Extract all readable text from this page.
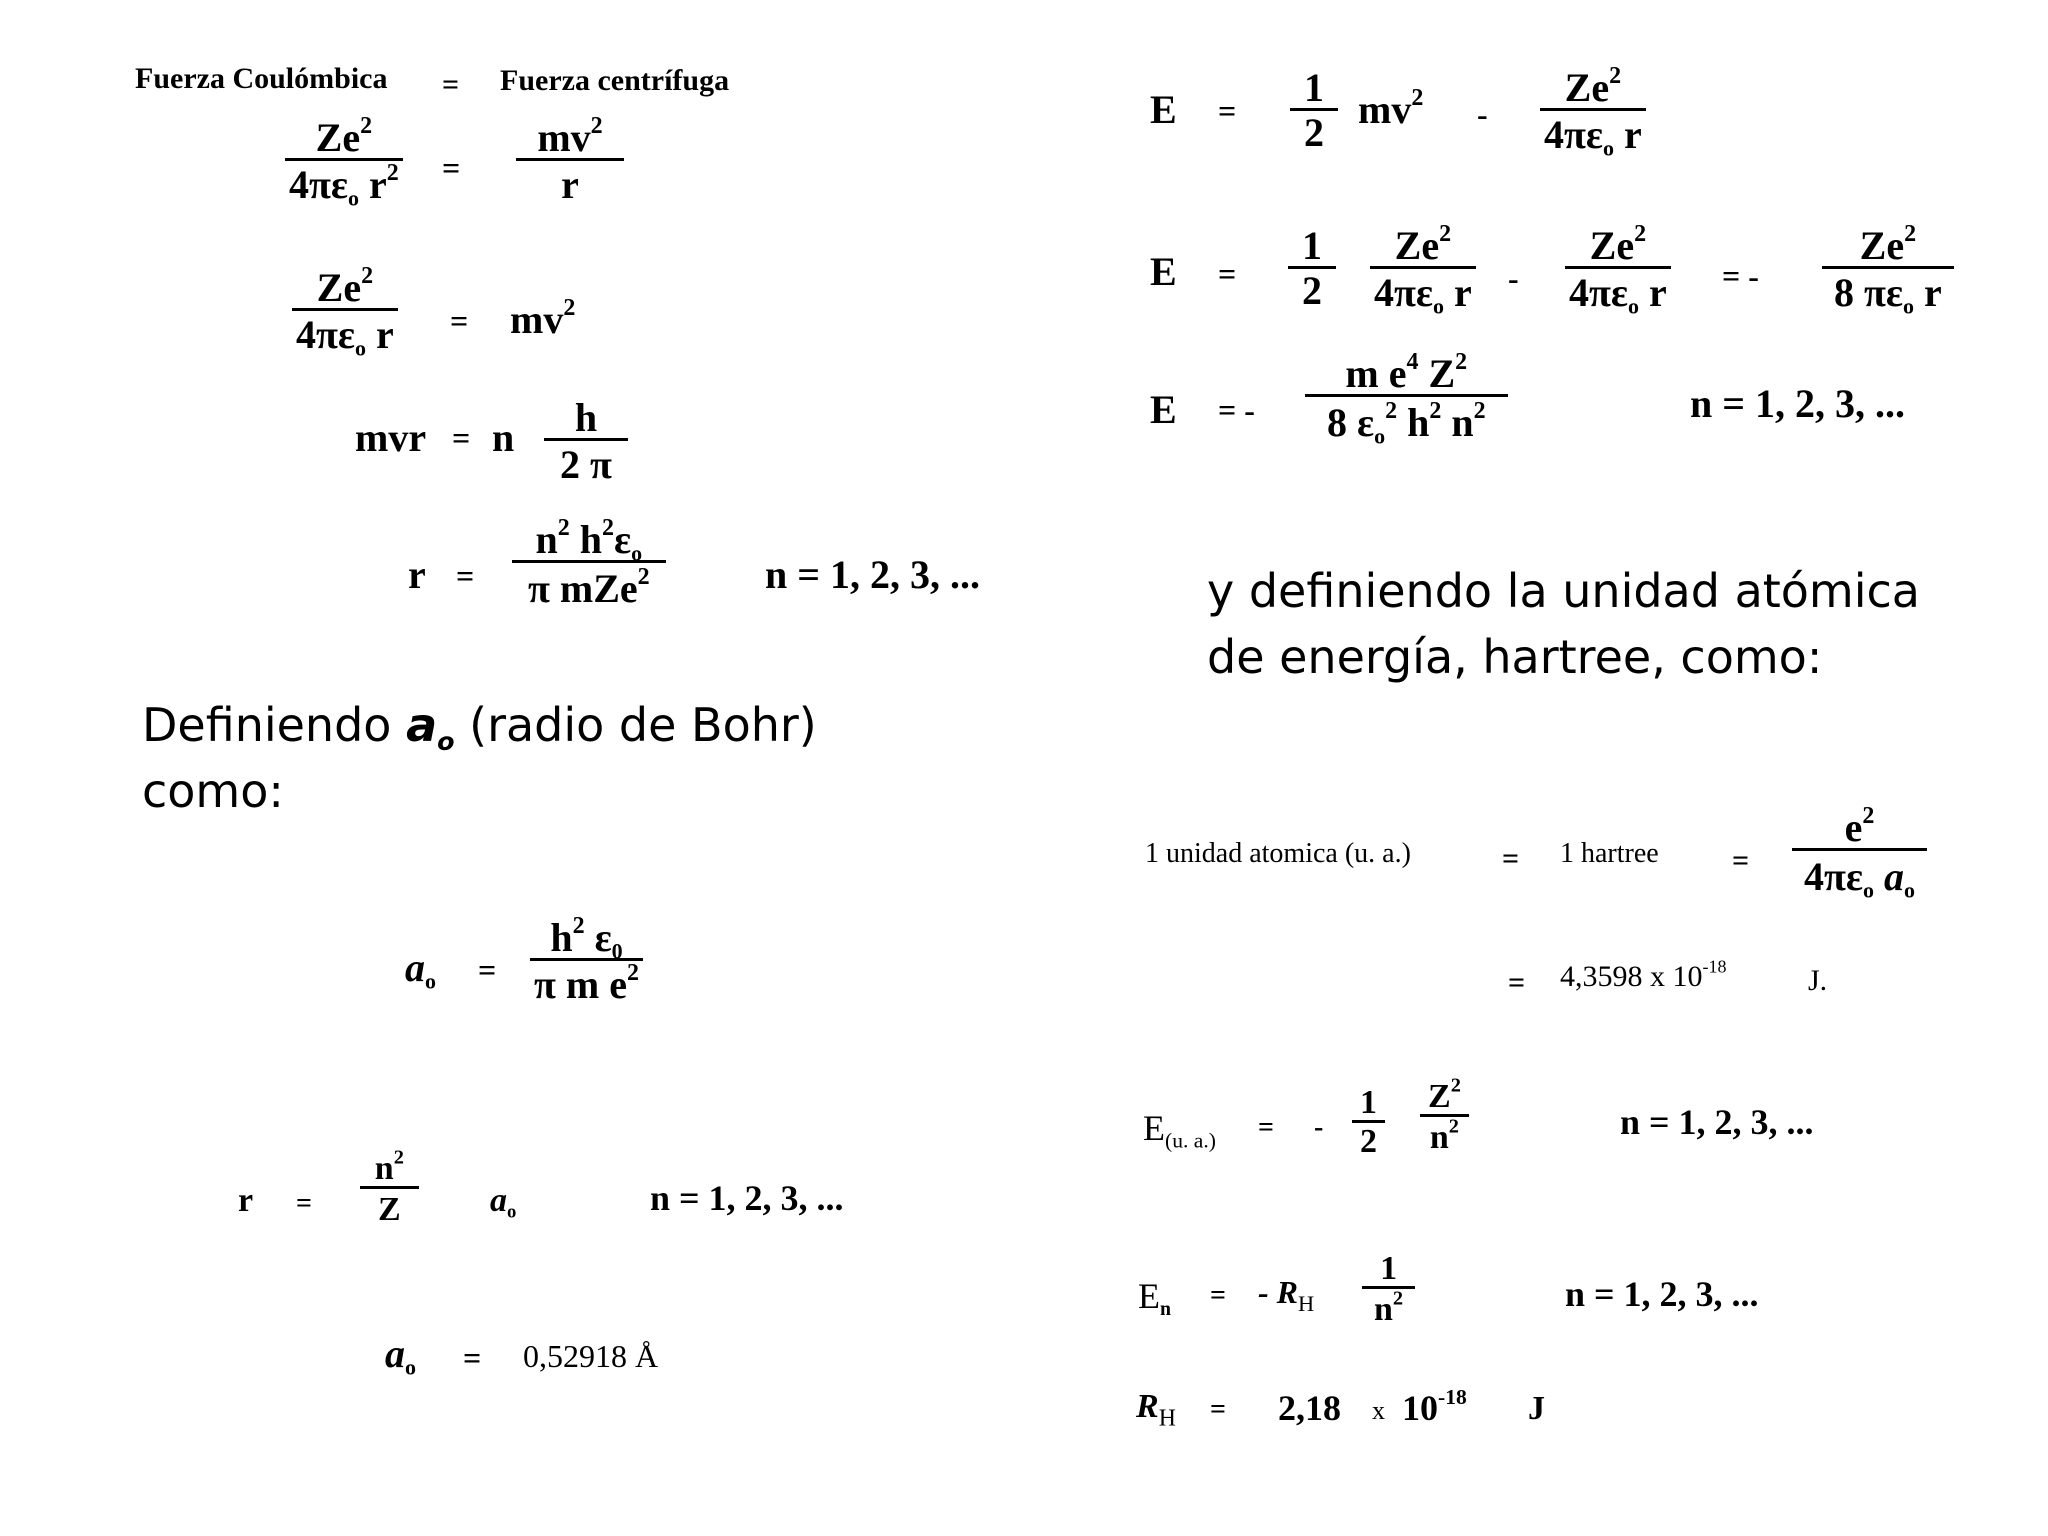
Fuerza Coulómbica = Fuerza centrífuga
Ze$^2$
$4\pi\varepsilon_o$ $r^2 = \frac{mv^2}{r}$
Ze$^2$
$4\pi\varepsilon_o$ $r = mv^2$
mvr = n $\frac{h}{2 \pi}$
r =
$n^2$ $h^2\varepsilon_o$
π mZe$^2$	n = 1, 2, 3, ...
Definiendo $a_o$ (radio de Bohr)
como:
$a_o = \frac{h^2 \varepsilon_0}{\pi m e^2}$
$r = \frac{n^2}{Z} a_o$	n = 1, 2, 3, ...
$a_o = 0,52918$ Å
$E = \frac{1}{2} mv^2$ -
Ze$^2$
$4\pi\varepsilon_o$ r
$E = \frac{1}{2} Ze^2$
$4\pi\varepsilon_o$ r -
Ze$^2$
$4\pi\varepsilon_o$ r = -
Ze$^2$
8 $\pi\varepsilon_o$ r
E = - $\frac{m e^4 Z^2}{8 \varepsilon_o^2 h^2 n^2}$	n = 1, 2, 3, ...
y definiendo la unidad atómica
de energía, hartree, como:
1 unidad atomica (u. a.)	= 1 hartree =
$e^2$
$4\pi\varepsilon_o$ $a_o$
= 4,3598 x $10^{-18}$	J.
$E_{(u. a.)}$ = - $\frac{1}{2} \frac{Z^2}{n^2}$	n = 1, 2, 3, ...
$E_n$ = - $R_H \frac{1}{n^2}$	n = 1, 2, 3, ...
$R_H = 2,18$ x $10^{-18}$ J
